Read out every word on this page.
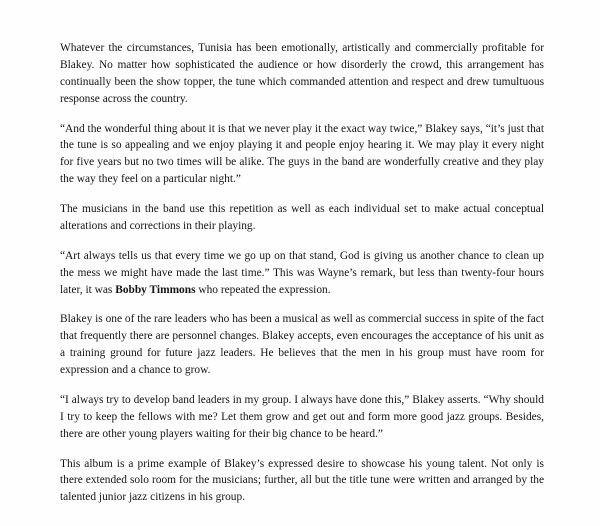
Whatever the circumstances, Tunisia has been emotionally, artistically and commercially profitable for Blakey. No matter how sophisticated the audience or how disorderly the crowd, this arrangement has continually been the show topper, the tune which commanded attention and respect and drew tumultuous response across the country.

“And the wonderful thing about it is that we never play it the exact way twice,” Blakey says, “it’s just that the tune is so appealing and we enjoy playing it and people enjoy hearing it. We may play it every night for five years but no two times will be alike. The guys in the band are wonderfully creative and they play the way they feel on a particular night.”

The musicians in the band use this repetition as well as each individual set to make actual conceptual alterations and corrections in their playing.

“Art always tells us that every time we go up on that stand, God is giving us another chance to clean up the mess we might have made the last time.” This was Wayne’s remark, but less than twenty-four hours later, it was Bobby Timmons who repeated the expression.

Blakey is one of the rare leaders who has been a musical as well as commercial success in spite of the fact that frequently there are personnel changes. Blakey accepts, even encourages the acceptance of his unit as a training ground for future jazz leaders. He believes that the men in his group must have room for expression and a chance to grow.

“I always try to develop band leaders in my group. I always have done this,” Blakey asserts. “Why should I try to keep the fellows with me? Let them grow and get out and form more good jazz groups. Besides, there are other young players waiting for their big chance to be heard.”

This album is a prime example of Blakey’s expressed desire to showcase his young talent. Not only is there extended solo room for the musicians; further, all but the title tune were written and arranged by the talented junior jazz citizens in his group.
